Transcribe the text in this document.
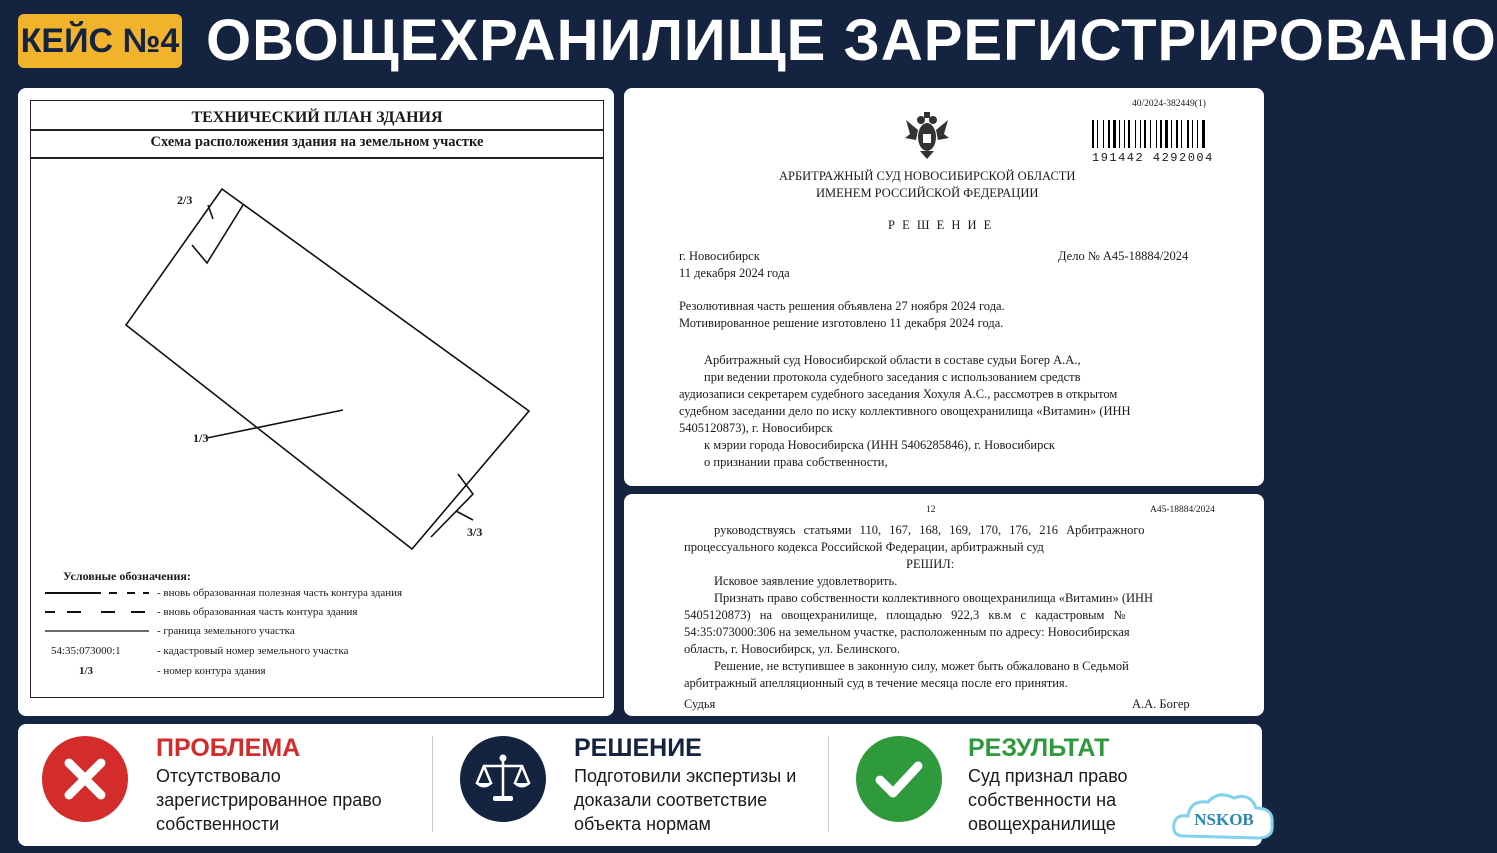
КЕЙС №4 ОВОЩЕХРАНИЛИЩЕ ЗАРЕГИСТРИРОВАНО
ТЕХНИЧЕСКИЙ ПЛАН ЗДАНИЯ
Схема расположения здания на земельном участке
2/3
1/3
3/3
Условные обозначения:
- вновь образованная полезная часть контура здания
- вновь образованная часть контура здания
- граница земельного участка
54:35:073000:1	- кадастровый номер земельного участка
1/3	- номер контура здания
40/2024-382449(1)
191442 4292004
АРБИТРАЖНЫЙ СУД НОВОСИБИРСКОЙ ОБЛАСТИ
ИМЕНЕМ РОССИЙСКОЙ ФЕДЕРАЦИИ
Р Е Ш Е Н И Е
г. Новосибирск	Дело № А45-18884/2024
11 декабря 2024 года
Резолютивная часть решения объявлена 27 ноября 2024 года.
Мотивированное решение изготовлено 11 декабря 2024 года.
Арбитражный суд Новосибирской области в составе судьи Богер А.А.,
при ведении протокола судебного заседания с использованием средств
аудиозаписи секретарем судебного заседания Хохуля А.С., рассмотрев в открытом
судебном заседании дело по иску коллективного овощехранилища «Витамин» (ИНН
5405120873), г. Новосибирск
к мэрии города Новосибирска (ИНН 5406285846), г. Новосибирск
о признании права собственности,
12	А45-18884/2024
руководствуясь статьями 110, 167, 168, 169, 170, 176, 216 Арбитражного
процессуального кодекса Российской Федерации, арбитражный суд
РЕШИЛ:
Исковое заявление удовлетворить.
Признать право собственности коллективного овощехранилища «Витамин» (ИНН
5405120873) на овощехранилище, площадью 922,3 кв.м с кадастровым №
54:35:073000:306 на земельном участке, расположенным по адресу: Новосибирская
область, г. Новосибирск, ул. Белинского.
Решение, не вступившее в законную силу, может быть обжаловано в Седьмой
арбитражный апелляционный суд в течение месяца после его принятия.
Судья	А.А. Богер
ПРОБЛЕМА
Отсутствовало
зарегистрированное право
собственности
РЕШЕНИЕ
Подготовили экспертизы и
доказали соответствие
объекта нормам
РЕЗУЛЬТАТ
Суд признал право
собственности на
овощехранилище	NSKOB
